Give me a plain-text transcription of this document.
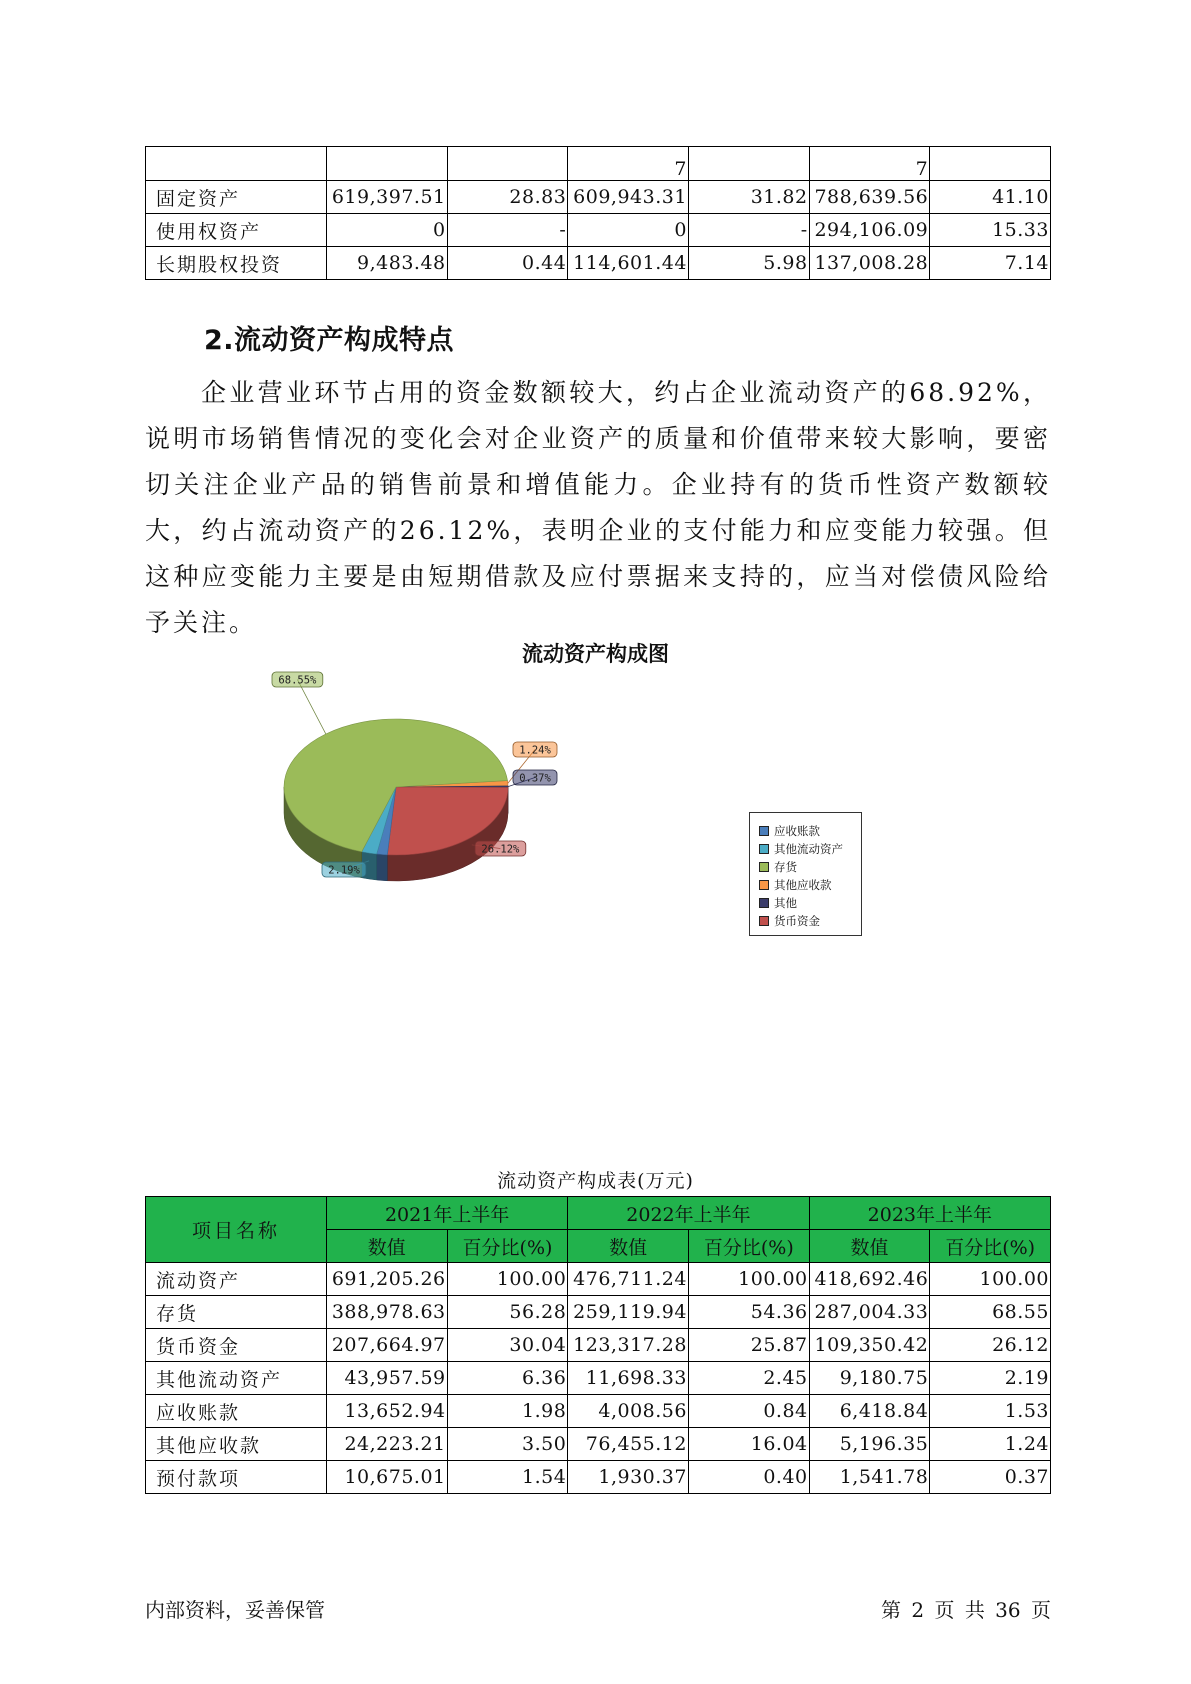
			7		7	
固定资产	619,397.51	28.83	609,943.31	31.82	788,639.56	41.10
使用权资产	0	-	0	-	294,106.09	15.33
长期股权投资	9,483.48	0.44	114,601.44	5.98	137,008.28	7.14
2.流动资产构成特点

企业营业环节占用的资金数额较大，约占企业流动资产的68.92%，说明市场销售情况的变化会对企业资产的质量和价值带来较大影响，要密切关注企业产品的销售前景和增值能力。企业持有的货币性资产数额较大，约占流动资产的26.12%，表明企业的支付能力和应变能力较强。但这种应变能力主要是由短期借款及应付票据来支持的，应当对偿债风险给予关注。

流动资产构成图
1.24%
0.37%
26.12%
2.19%
68.55%
应收账款
其他流动资产
存货
其他应收款
其他
货币资金
流动资产构成表(万元)
项目名称	2021年上半年		2022年上半年		2023年上半年	
	数值	百分比(%)	数值	百分比(%)	数值	百分比(%)
流动资产	691,205.26	100.00	476,711.24	100.00	418,692.46	100.00
存货	388,978.63	56.28	259,119.94	54.36	287,004.33	68.55
货币资金	207,664.97	30.04	123,317.28	25.87	109,350.42	26.12
其他流动资产	43,957.59	6.36	11,698.33	2.45	9,180.75	2.19
应收账款	13,652.94	1.98	4,008.56	0.84	6,418.84	1.53
其他应收款	24,223.21	3.50	76,455.12	16.04	5,196.35	1.24
预付款项	10,675.01	1.54	1,930.37	0.40	1,541.78	0.37
内部资料，妥善保管	第 2 页 共 36 页
